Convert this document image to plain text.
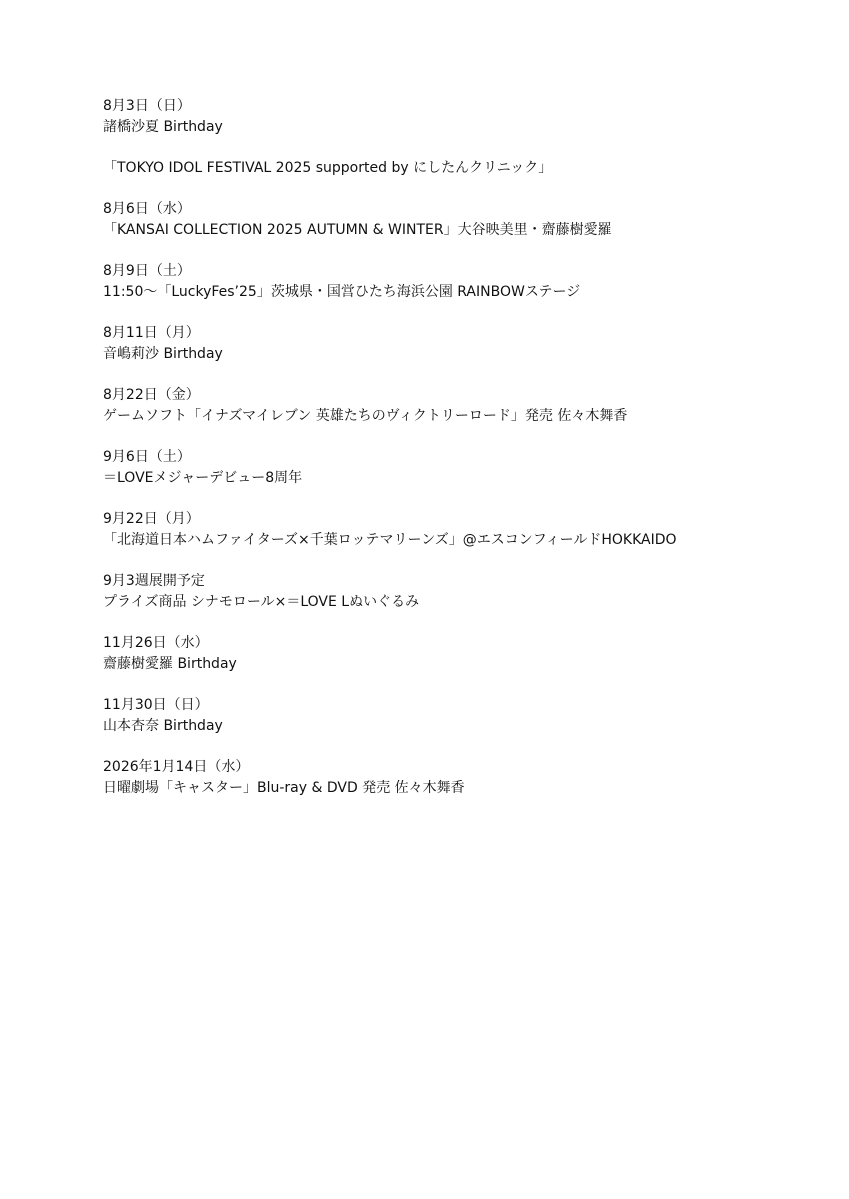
8月3日（日）
諸橋沙夏 Birthday
「TOKYO IDOL FESTIVAL 2025 supported by にしたんクリニック」
8月6日（水）
「KANSAI COLLECTION 2025 AUTUMN & WINTER」大谷映美里・齋藤樹愛羅
8月9日（土）
11:50〜「LuckyFes’25」茨城県・国営ひたち海浜公園 RAINBOWステージ
8月11日（月）
音嶋莉沙 Birthday
8月22日（金）
ゲームソフト「イナズマイレブン 英雄たちのヴィクトリーロード」発売 佐々木舞香
9月6日（土）
＝LOVEメジャーデビュー8周年
9月22日（月）
「北海道日本ハムファイターズ×千葉ロッテマリーンズ」@エスコンフィールドHOKKAIDO
9月3週展開予定
プライズ商品 シナモロール×＝LOVE Lぬいぐるみ
11月26日（水）
齋藤樹愛羅 Birthday
11月30日（日）
山本杏奈 Birthday
2026年1月14日（水）
日曜劇場「キャスター」Blu-ray & DVD 発売 佐々木舞香
